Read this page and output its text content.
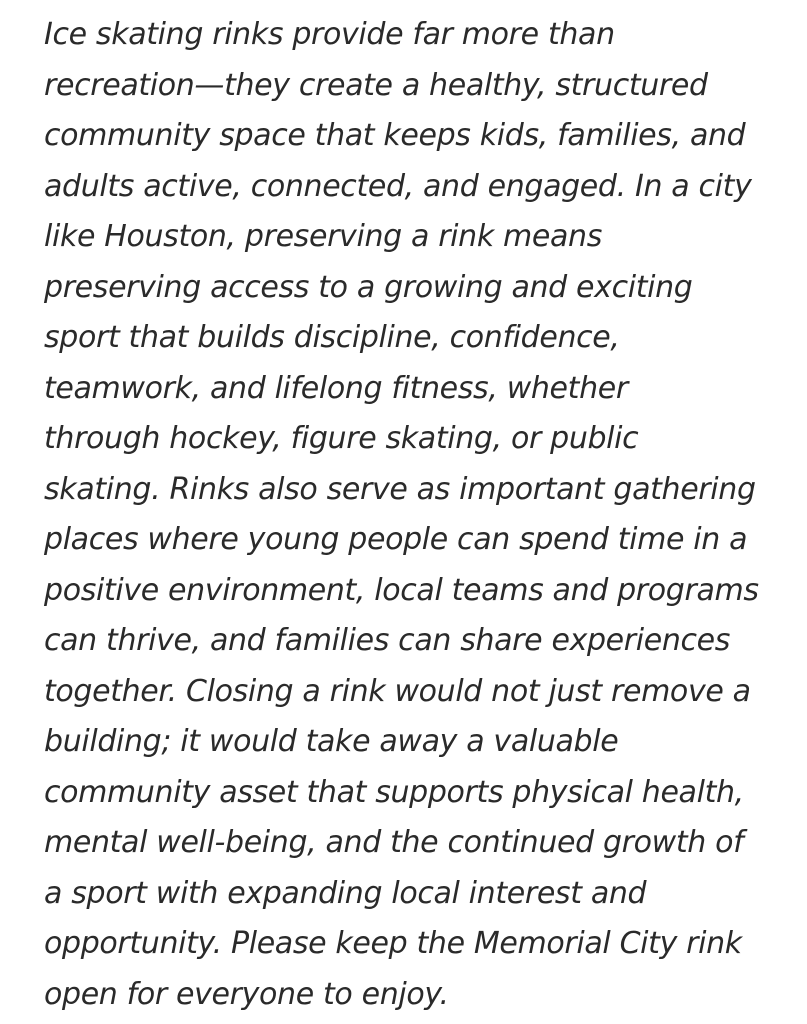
Ice skating rinks provide far more than
recreation—they create a healthy, structured
community space that keeps kids, families, and
adults active, connected, and engaged. In a city
like Houston, preserving a rink means
preserving access to a growing and exciting
sport that builds discipline, confidence,
teamwork, and lifelong fitness, whether
through hockey, figure skating, or public
skating. Rinks also serve as important gathering
places where young people can spend time in a
positive environment, local teams and programs
can thrive, and families can share experiences
together. Closing a rink would not just remove a
building; it would take away a valuable
community asset that supports physical health,
mental well-being, and the continued growth of
a sport with expanding local interest and
opportunity. Please keep the Memorial City rink
open for everyone to enjoy.
